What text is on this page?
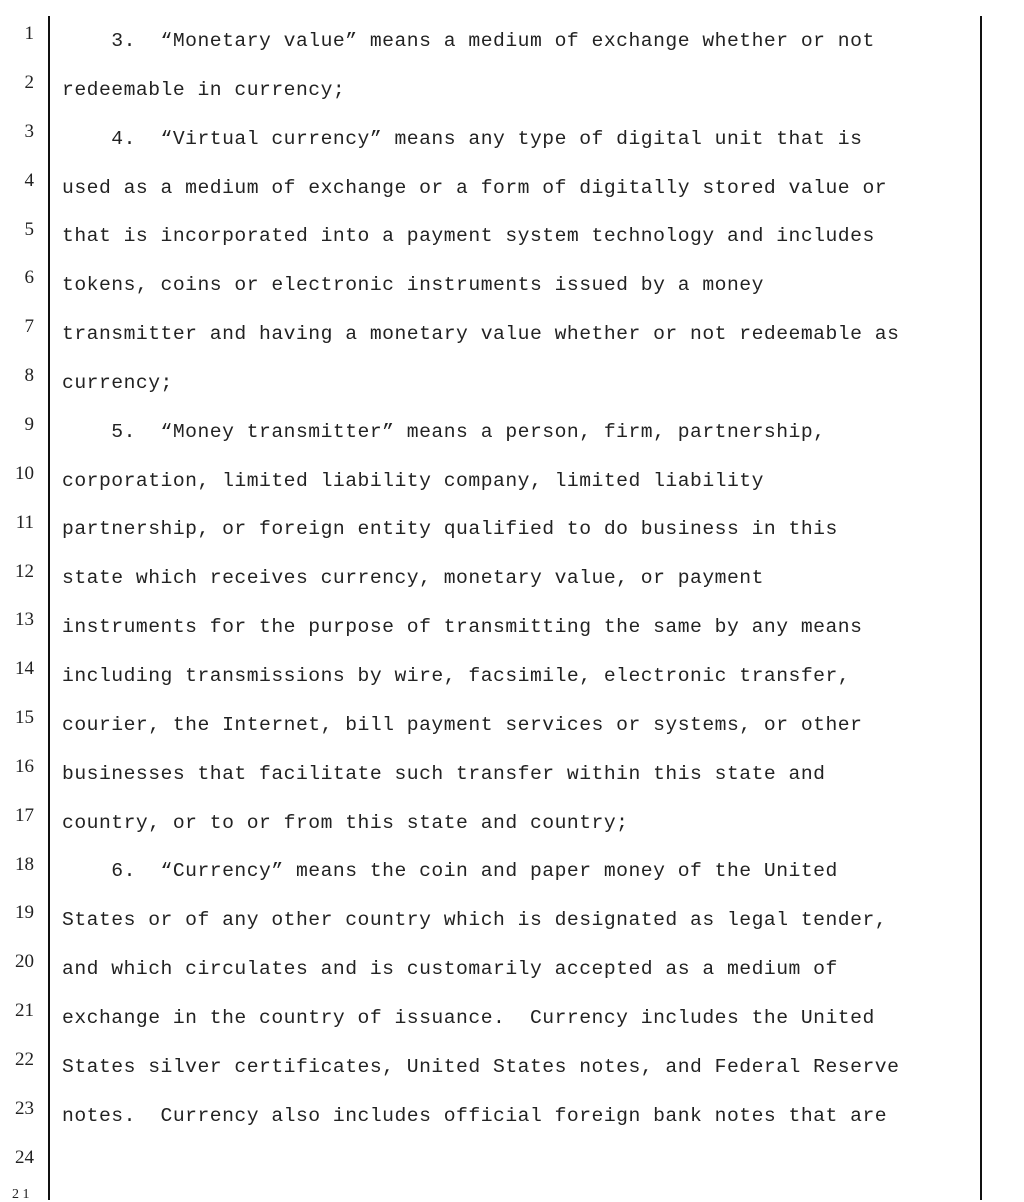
1
2
3
4
5
6
7
8
9
10
11
12
13
14
15
16
17
18
19
20
21
22
23
24
2 1
3.  “Monetary value” means a medium of exchange whether or not
redeemable in currency;
4.  “Virtual currency” means any type of digital unit that is
used as a medium of exchange or a form of digitally stored value or
that is incorporated into a payment system technology and includes
tokens, coins or electronic instruments issued by a money
transmitter and having a monetary value whether or not redeemable as
currency;
5.  “Money transmitter” means a person, firm, partnership,
corporation, limited liability company, limited liability
partnership, or foreign entity qualified to do business in this
state which receives currency, monetary value, or payment
instruments for the purpose of transmitting the same by any means
including transmissions by wire, facsimile, electronic transfer,
courier, the Internet, bill payment services or systems, or other
businesses that facilitate such transfer within this state and
country, or to or from this state and country;
6.  “Currency” means the coin and paper money of the United
States or of any other country which is designated as legal tender,
and which circulates and is customarily accepted as a medium of
exchange in the country of issuance.  Currency includes the United
States silver certificates, United States notes, and Federal Reserve
notes.  Currency also includes official foreign bank notes that are
